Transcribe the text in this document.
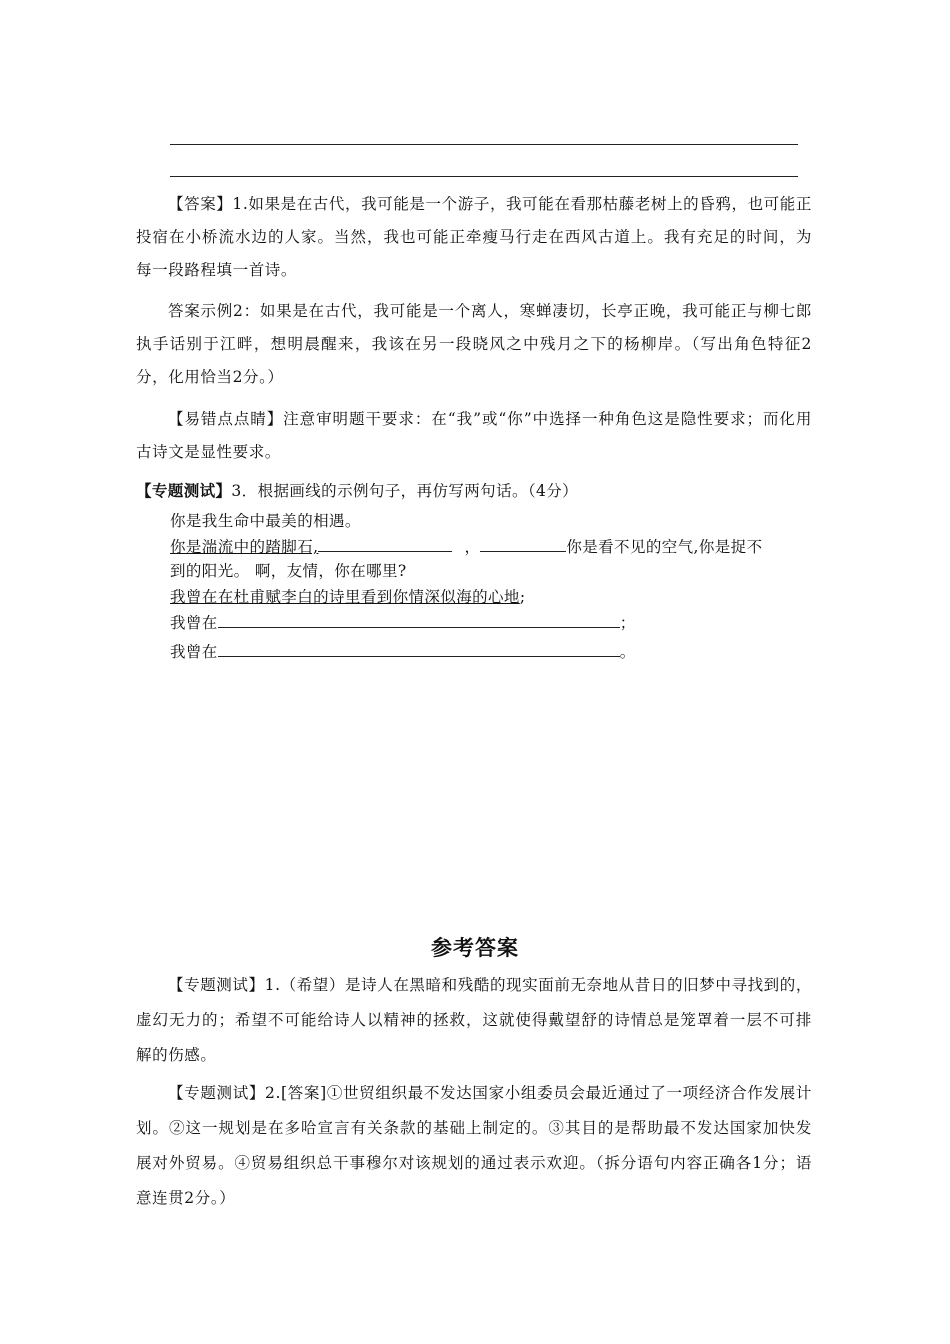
【答案】1.如果是在古代，我可能是一个游子，我可能在看那枯藤老树上的昏鸦，也可能正投宿在小桥流水边的人家。当然，我也可能正牵瘦马行走在西风古道上。我有充足的时间，为每一段路程填一首诗。
答案示例2：如果是在古代，我可能是一个离人，寒蝉凄切，长亭正晚，我可能正与柳七郎执手话别于江畔，想明晨醒来，我该在另一段晓风之中残月之下的杨柳岸。（写出角色特征2分，化用恰当2分。）
【易错点点睛】注意审明题干要求：在“我”或“你”中选择一种角色这是隐性要求；而化用古诗文是显性要求。
【专题测试】3．根据画线的示例句子，再仿写两句话。（4分）
你是我生命中最美的相遇。
你是湍流中的踏脚石,	，	你是看不见的空气,你是捉不
到的阳光。 啊，友情，你在哪里?
我曾在在杜甫赋李白的诗里看到你情深似海的心地;
我曾在	；
我曾在	。
参考答案
【专题测试】1.（希望）是诗人在黑暗和残酷的现实面前无奈地从昔日的旧梦中寻找到的，虚幻无力的；希望不可能给诗人以精神的拯救，这就使得戴望舒的诗情总是笼罩着一层不可排解的伤感。
【专题测试】2.[答案]①世贸组织最不发达国家小组委员会最近通过了一项经济合作发展计划。②这一规划是在多哈宣言有关条款的基础上制定的。③其目的是帮助最不发达国家加快发展对外贸易。④贸易组织总干事穆尔对该规划的通过表示欢迎。（拆分语句内容正确各1分；语意连贯2分。）
